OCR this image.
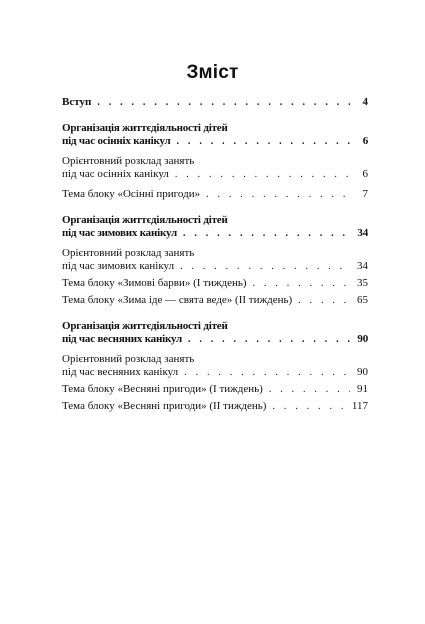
Зміст
Вступ . . .	4
Організація життєдіяльності дітей
під час осінніх канікул . . .	6
Орієнтовний розклад занять
під час осінніх канікул . . .	6
Тема блоку «Осінні пригоди» . . .	7
Організація життєдіяльності дітей
під час зимових канікул . . .	34
Орієнтовний розклад занять
під час зимових канікул . . .	34
Тема блоку «Зимові барви» (І тиждень) . . .	35
Тема блоку «Зима іде — свята веде» (ІІ тиждень) . . .	65
Організація життєдіяльності дітей
під час весняних канікул . . .	90
Орієнтовний розклад занять
під час весняних канікул . . .	90
Тема блоку «Весняні пригоди» (І тиждень) . . .	91
Тема блоку «Весняні пригоди» (ІІ тиждень) . . .	117
